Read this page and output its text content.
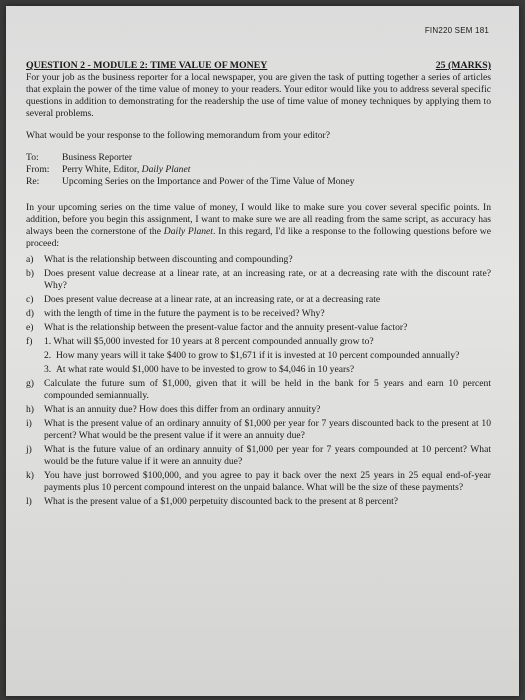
FIN220 SEM 181
QUESTION 2 - MODULE 2: TIME VALUE OF MONEY	25 (MARKS)

For your job as the business reporter for a local newspaper, you are given the task of putting together a series of articles that explain the power of the time value of money to your readers. Your editor would like you to address several specific questions in addition to demonstrating for the readership the use of time value of money techniques by applying them to several problems.

What would be your response to the following memorandum from your editor?

To:	Business Reporter
From:	Perry White, Editor, Daily Planet
Re:	Upcoming Series on the Importance and Power of the Time Value of Money

In your upcoming series on the time value of money, I would like to make sure you cover several specific points. In addition, before you begin this assignment, I want to make sure we are all reading from the same script, as accuracy has always been the cornerstone of the Daily Planet. In this regard, I'd like a response to the following questions before we proceed:

a)	What is the relationship between discounting and compounding?
b)	Does present value decrease at a linear rate, at an increasing rate, or at a decreasing rate with the discount rate? Why?
c)	Does present value decrease at a linear rate, at an increasing rate, or at a decreasing rate
d)	with the length of time in the future the payment is to be received? Why?
e)	What is the relationship between the present-value factor and the annuity present-value factor?
f)	1. What will $5,000 invested for 10 years at 8 percent compounded annually grow to?
2. How many years will it take $400 to grow to $1,671 if it is invested at 10 percent compounded annually?
3. At what rate would $1,000 have to be invested to grow to $4,046 in 10 years?
g)	Calculate the future sum of $1,000, given that it will be held in the bank for 5 years and earn 10 percent compounded semiannually.
h)	What is an annuity due? How does this differ from an ordinary annuity?
i)	What is the present value of an ordinary annuity of $1,000 per year for 7 years discounted back to the present at 10 percent? What would be the present value if it were an annuity due?
j)	What is the future value of an ordinary annuity of $1,000 per year for 7 years compounded at 10 percent? What would be the future value if it were an annuity due?
k)	You have just borrowed $100,000, and you agree to pay it back over the next 25 years in 25 equal end-of-year payments plus 10 percent compound interest on the unpaid balance. What will be the size of these payments?
l)	What is the present value of a $1,000 perpetuity discounted back to the present at 8 percent?
